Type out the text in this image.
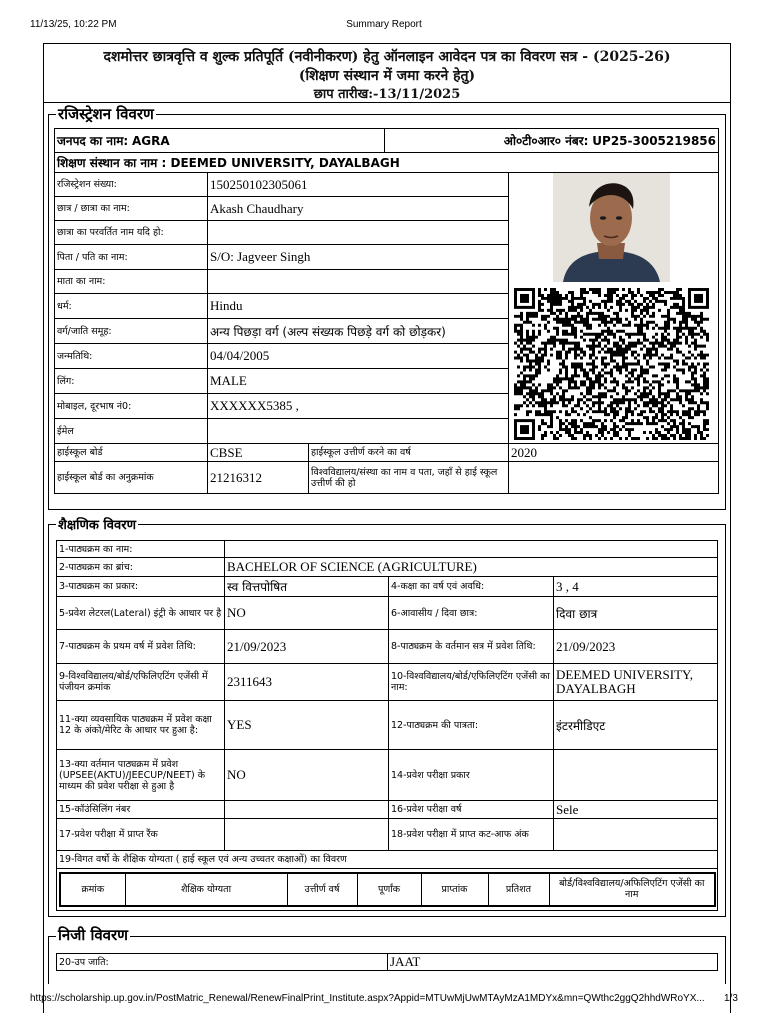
11/13/25, 10:22 PM	Summary Report
दशमोत्तर छात्रवृत्ति व शुल्क प्रतिपूर्ति (नवीनीकरण) हेतु ऑनलाइन आवेदन पत्र का विवरण सत्र - (2025-26)
(शिक्षण संस्थान में जमा करने हेतु)
छाप तारीख:-13/11/2025
रजिस्ट्रेशन विवरण
जनपद का नाम: AGRA	ओ०टी०आर० नंबर: UP25-3005219856
शिक्षण संस्थान का नाम : DEEMED UNIVERSITY, DAYALBAGH
रजिस्ट्रेशन संख्या:	150250102305061		
छात्र / छात्रा का नाम:	Akash Chaudhary		
छात्रा का परवर्तित नाम यदि हो:			
पिता / पति का नाम:	S/O: Jagveer Singh		
माता का नाम:			
धर्म:	Hindu		
वर्ग/जाति समूह:	अन्य पिछड़ा वर्ग (अल्प संख्यक पिछड़े वर्ग को छोड़कर)		
जन्मतिथि:	04/04/2005		
लिंग:	MALE		
मोबाइल, दूरभाष नं0:	XXXXXX5385 ,		
ईमेल			
हाईस्कूल बोर्ड	CBSE	हाईस्कूल उत्तीर्ण करने का वर्ष	2020
हाईस्कूल बोर्ड का अनुक्रमांक	21216312	विश्वविद्यालय/संस्था का नाम व पता, जहाँ से हाई स्कूल उत्तीर्ण की हो	
शैक्षणिक विवरण
1-पाठ्यक्रम का नाम:	
2-पाठ्यक्रम का ब्रांच:	BACHELOR OF SCIENCE (AGRICULTURE)
3-पाठ्यक्रम का प्रकार:	स्व वित्तपोषित	4-कक्षा का वर्ष एवं अवधि:	3 , 4
5-प्रवेश लेटरल(Lateral) इंट्री के आधार पर है	NO	6-आवासीय / दिवा छात्र:	दिवा छात्र
7-पाठ्यक्रम के प्रथम वर्ष में प्रवेश तिथि:	21/09/2023	8-पाठ्यक्रम के वर्तमान सत्र में प्रवेश तिथि:	21/09/2023
9-विश्वविद्यालय/बोर्ड/एफिलिएटिंग एजेंसी में पंजीयन क्रमांक	2311643	10-विश्वविद्यालय/बोर्ड/एफिलिएटिंग एजेंसी का नाम:	DEEMED UNIVERSITY, DAYALBAGH
11-क्या व्यवसायिक पाठ्यक्रम में प्रवेश कक्षा 12 के अंको/मेरिट के आधार पर हुआ है:	YES	12-पाठ्यक्रम की पात्रता:	इंटरमीडिएट
13-क्या वर्तमान पाठ्यक्रम में प्रवेश (UPSEE(AKTU)/JEECUP/NEET) के माध्यम की प्रवेश परीक्षा से हुआ है	NO	14-प्रवेश परीक्षा प्रकार	
15-कॉउंसिलिंग नंबर		16-प्रवेश परीक्षा वर्ष	Sele
17-प्रवेश परीक्षा में प्राप्त रैंक		18-प्रवेश परीक्षा में प्राप्त कट-आफ अंक	
19-विगत वर्षो के शैक्षिक योग्यता ( हाई स्कूल एवं अन्य उच्चतर कक्षाओं) का विवरण

क्रमांक	शैक्षिक योग्यता	उत्तीर्ण वर्ष	पूर्णांक	प्राप्तांक	प्रतिशत	बोर्ड/विश्वविद्यालय/अफिलिएटिंग एजेंसी का नाम
निजी विवरण
20-उप जाति:	JAAT
https://scholarship.up.gov.in/PostMatric_Renewal/RenewFinalPrint_Institute.aspx?Appid=MTUwMjUwMTAyMzA1MDYx&mn=QWthc2ggQ2hhdWRoYX...	1/3
